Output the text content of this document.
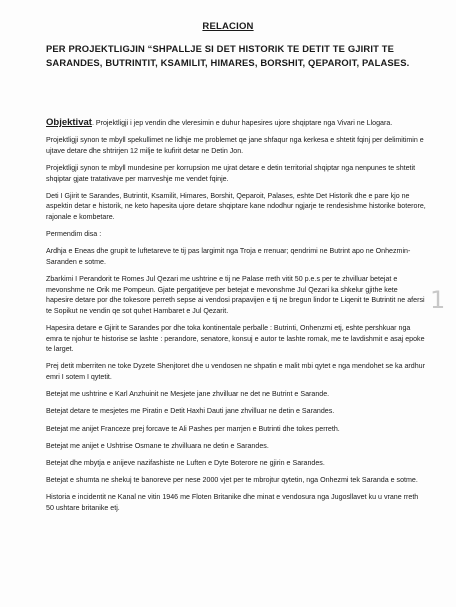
RELACION
PER PROJEKTLIGJIN “SHPALLJE SI DET HISTORIK TE DETIT TE GJIRIT TE SARANDES, BUTRINTIT, KSAMILIT, HIMARES, BORSHIT, QEPAROIT, PALASES.

Objektivat. Projektligji i jep vendin dhe vleresimin e duhur hapesires ujore shqiptare nga Vivari ne Llogara.

Projektligji synon te mbyll spekullimet ne lidhje me problemet qe jane shfaqur nga kerkesa e shtetit fqinj per delimitimin e ujtave detare dhe shtrirjen 12 milje te kufirit detar ne Detin Jon.

Projektligji synon te mbyll mundesine per korrupsion me ujrat detare e detin territorial shqiptar nga nenpunes te shtetit shqiptar gjate tratativave per marrveshje me vendet fqinje.

Deti I Gjirit te Sarandes, Butrintit, Ksamilit, Himares, Borshit, Qeparoit, Palases, eshte Det Historik dhe e pare kjo ne aspektin detar e historik, ne keto hapesita ujore detare shqiptare kane ndodhur ngjarje te rendesishme historike boterore, rajonale e kombetare.

Permendim disa :

Ardhja e Eneas dhe grupit te luftetareve te tij pas largimit nga Troja e rrenuar; qendrimi ne Butrint apo ne Onhezmin-Saranden e sotme.

Zbarkimi I Perandorit te Romes Jul Qezari me ushtrine e tij ne Palase rreth vitit 50 p.e.s per te zhvilluar betejat e mevonshme ne Orik me Pompeun. Gjate pergatitjeve per betejat e mevonshme Jul Qezari ka shkelur gjithe kete hapesire detare por dhe tokesore perreth sepse ai vendosi prapavijen e tij ne bregun lindor te Liqenit te Butrintit ne afersi te Sopikut ne vendin qe sot quhet Hambaret e Jul Qezarit.

Hapesira detare e Gjirit te Sarandes por dhe toka kontinentale perballe : Butrinti, Onhenzmi etj, eshte pershkuar nga emra te njohur te historise se lashte : perandore, senatore, konsuj e autor te lashte romak, me te lavdishmit e asaj epoke te larget.

Prej detit mberriten ne toke Dyzete Shenjtoret dhe u vendosen ne shpatin e malit mbi qytet e nga mendohet se ka ardhur emri I sotem I qytetit.

Betejat me ushtrine e Karl Anzhuinit ne Mesjete jane zhvilluar ne det ne Butrint e Sarande.

Betejat detare te mesjetes me Piratin e Detit Haxhi Dauti jane zhvilluar ne detin e Sarandes.

Betejat me anijet Franceze prej forcave te Ali Pashes per marrjen e Butrinti dhe tokes perreth.

Betejat me anijet e Ushtrise Osmane te zhvilluara ne detin e Sarandes.

Betejat dhe mbytja e anijeve nazifashiste ne Luften e Dyte Boterore ne gjirin e Sarandes.

Betejat e shumta ne shekuj te banoreve per nese 2000 vjet per te mbrojtur qytetin, nga Onhezmi tek Saranda e sotme.

Historia e incidentit ne Kanal ne vitin 1946 me Floten Britanike dhe minat e vendosura nga Jugosllavet ku u vrane rreth 50 ushtare britanike etj.

1
